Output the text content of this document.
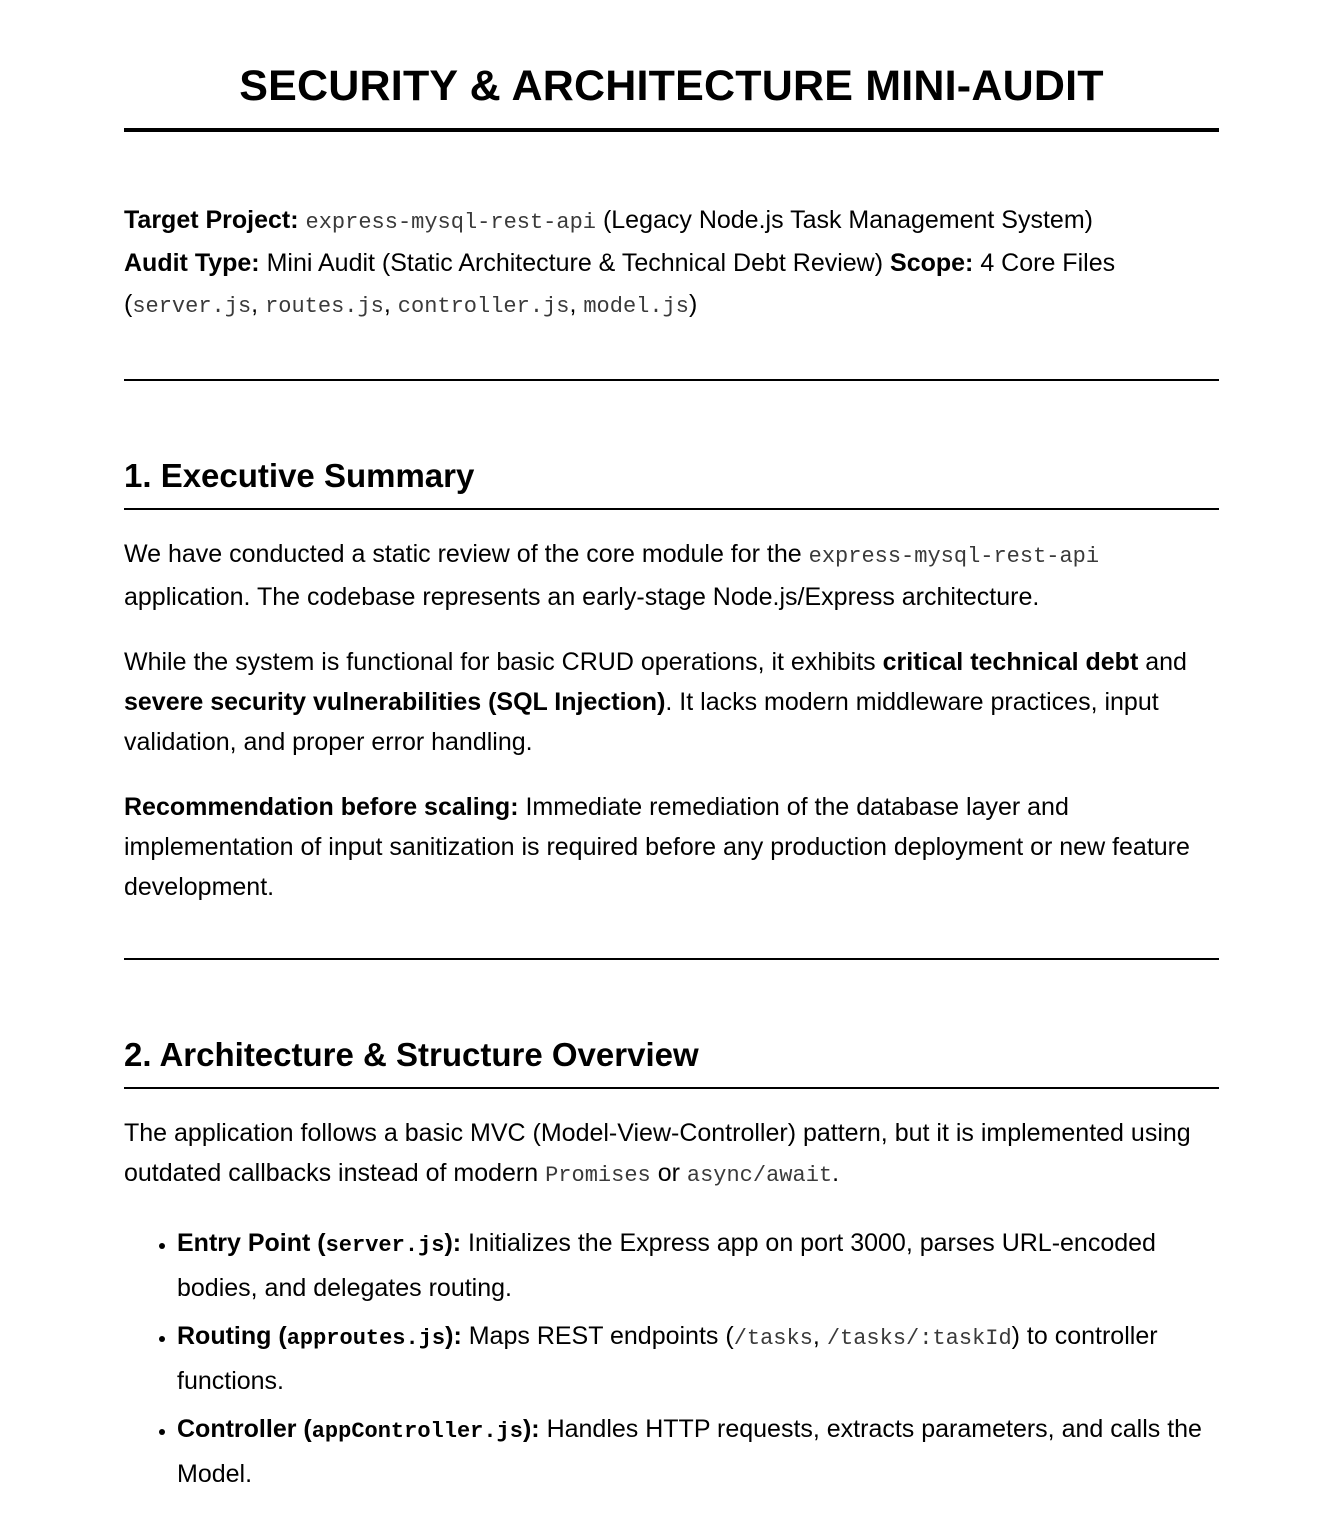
SECURITY & ARCHITECTURE MINI-AUDIT
Target Project: express-mysql-rest-api (Legacy Node.js Task Management System)
Audit Type: Mini Audit (Static Architecture & Technical Debt Review) Scope: 4 Core Files (server.js, routes.js, controller.js, model.js)
1. Executive Summary

We have conducted a static review of the core module for the express-mysql-rest-api application. The codebase represents an early-stage Node.js/Express architecture.

While the system is functional for basic CRUD operations, it exhibits critical technical debt and severe security vulnerabilities (SQL Injection). It lacks modern middleware practices, input validation, and proper error handling.

Recommendation before scaling: Immediate remediation of the database layer and implementation of input sanitization is required before any production deployment or new feature development.

2. Architecture & Structure Overview

The application follows a basic MVC (Model-View-Controller) pattern, but it is implemented using outdated callbacks instead of modern Promises or async/await.

• Entry Point (server.js): Initializes the Express app on port 3000, parses URL-encoded bodies, and delegates routing.
• Routing (approutes.js): Maps REST endpoints (/tasks, /tasks/:taskId) to controller functions.
• Controller (appController.js): Handles HTTP requests, extracts parameters, and calls the Model.
